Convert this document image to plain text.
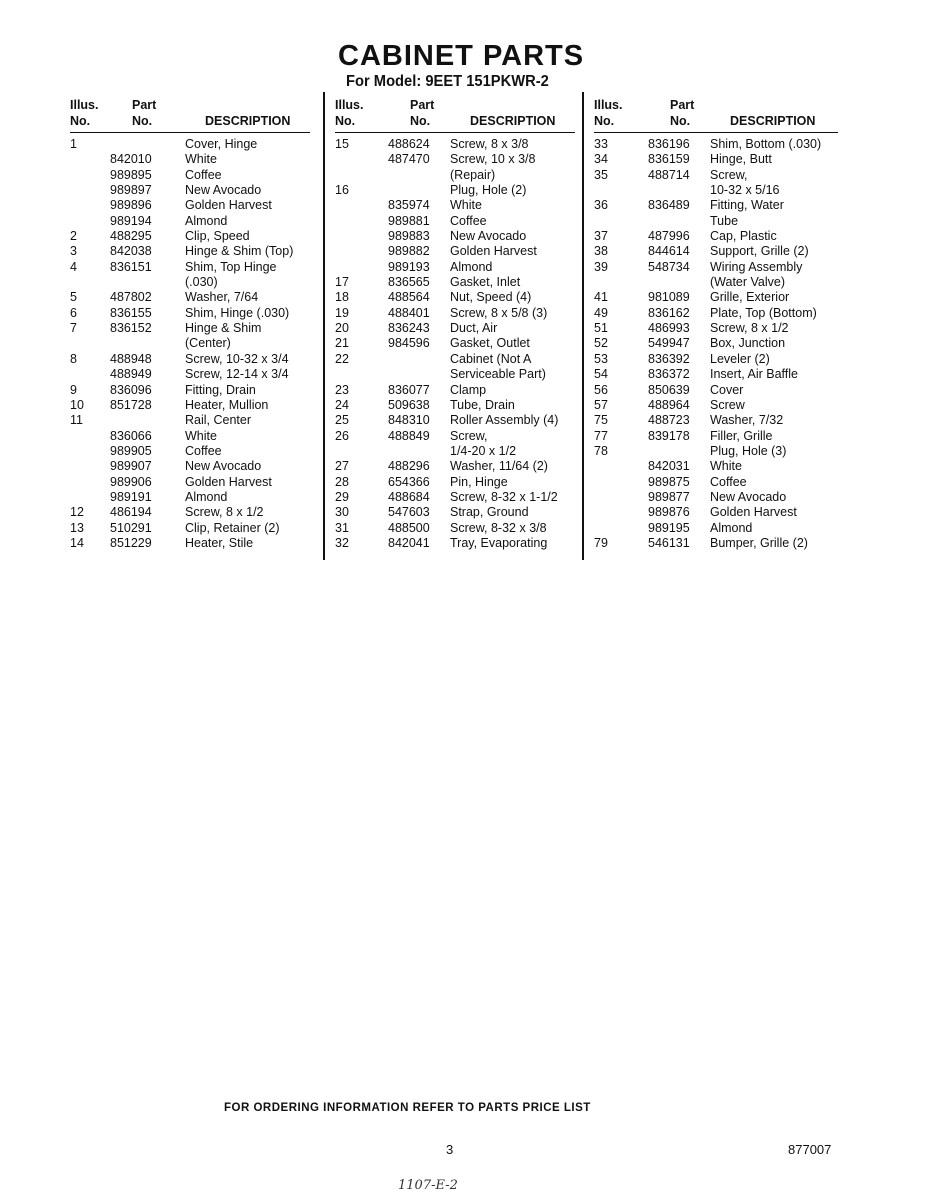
CABINET PARTS
For Model: 9EET 151PKWR-2
Illus.
No.
Part
No.	DESCRIPTION
1	Cover, Hinge
842010	White
989895	Coffee
989897	New Avocado
989896	Golden Harvest
989194	Almond
2	488295	Clip, Speed
3	842038	Hinge & Shim (Top)
4	836151	Shim, Top Hinge
(.030)
5	487802	Washer, 7/64
6	836155	Shim, Hinge (.030)
7	836152	Hinge & Shim
(Center)
8	488948	Screw, 10-32 x 3/4
488949	Screw, 12-14 x 3/4
9	836096	Fitting, Drain
10 851728	Heater, Mullion
11	Rail, Center
836066	White
989905	Coffee
989907	New Avocado
989906	Golden Harvest
989191	Almond
12 486194	Screw, 8 x 1/2
13 510291	Clip, Retainer (2)
14 851229	Heater, Stile
Illus.
No.
Part
No.	DESCRIPTION
15	488624 Screw, 8 x 3/8
487470 Screw, 10 x 3/8
(Repair)
16	Plug, Hole (2)
835974 White
989881 Coffee
989883 New Avocado
989882 Golden Harvest
989193 Almond
17	836565 Gasket, Inlet
18	488564 Nut, Speed (4)
19	488401 Screw, 8 x 5/8 (3)
20	836243 Duct, Air
21	984596 Gasket, Outlet
22	Cabinet (Not A
Serviceable Part)
23	836077 Clamp
24	509638 Tube, Drain
25	848310 Roller Assembly (4)
26	488849 Screw,
1/4-20 x 1/2
27	488296 Washer, 11/64 (2)
28	654366 Pin, Hinge
29	488684 Screw, 8-32 x 1-1/2
30	547603 Strap, Ground
31	488500 Screw, 8-32 x 3/8
32	842041 Tray, Evaporating
Illus.
No.
Part
No.	DESCRIPTION
33	836196 Shim, Bottom (.030)
34	836159 Hinge, Butt
35	488714 Screw,
10-32 x 5/16
36	836489 Fitting, Water
Tube
37	487996 Cap, Plastic
38	844614 Support, Grille (2)
39	548734 Wiring Assembly
(Water Valve)
41	981089 Grille, Exterior
49	836162 Plate, Top (Bottom)
51	486993 Screw, 8 x 1/2
52	549947 Box, Junction
53	836392 Leveler (2)
54	836372 Insert, Air Baffle
56	850639 Cover
57	488964 Screw
75	488723 Washer, 7/32
77	839178 Filler, Grille
78	Plug, Hole (3)
842031 White
989875 Coffee
989877 New Avocado
989876 Golden Harvest
989195 Almond
79	546131 Bumper, Grille (2)
FOR ORDERING INFORMATION REFER TO PARTS PRICE LIST
3	877007
1107-E-2
